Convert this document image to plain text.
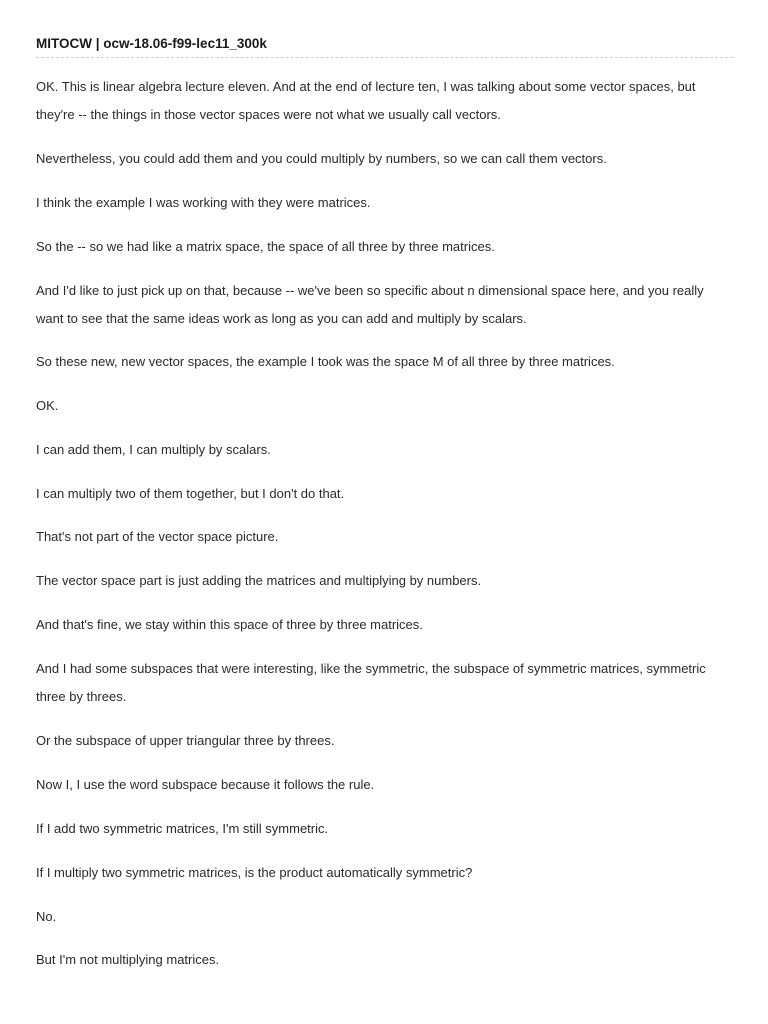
MITOCW | ocw-18.06-f99-lec11_300k

OK. This is linear algebra lecture eleven. And at the end of lecture ten, I was talking about some vector spaces, but they're -- the things in those vector spaces were not what we usually call vectors.

Nevertheless, you could add them and you could multiply by numbers, so we can call them vectors.

I think the example I was working with they were matrices.

So the -- so we had like a matrix space, the space of all three by three matrices.

And I'd like to just pick up on that, because -- we've been so specific about n dimensional space here, and you really want to see that the same ideas work as long as you can add and multiply by scalars.

So these new, new vector spaces, the example I took was the space M of all three by three matrices.

OK.

I can add them, I can multiply by scalars.

I can multiply two of them together, but I don't do that.

That's not part of the vector space picture.

The vector space part is just adding the matrices and multiplying by numbers.

And that's fine, we stay within this space of three by three matrices.

And I had some subspaces that were interesting, like the symmetric, the subspace of symmetric matrices, symmetric three by threes.

Or the subspace of upper triangular three by threes.

Now I, I use the word subspace because it follows the rule.

If I add two symmetric matrices, I'm still symmetric.

If I multiply two symmetric matrices, is the product automatically symmetric?

No.

But I'm not multiplying matrices.
